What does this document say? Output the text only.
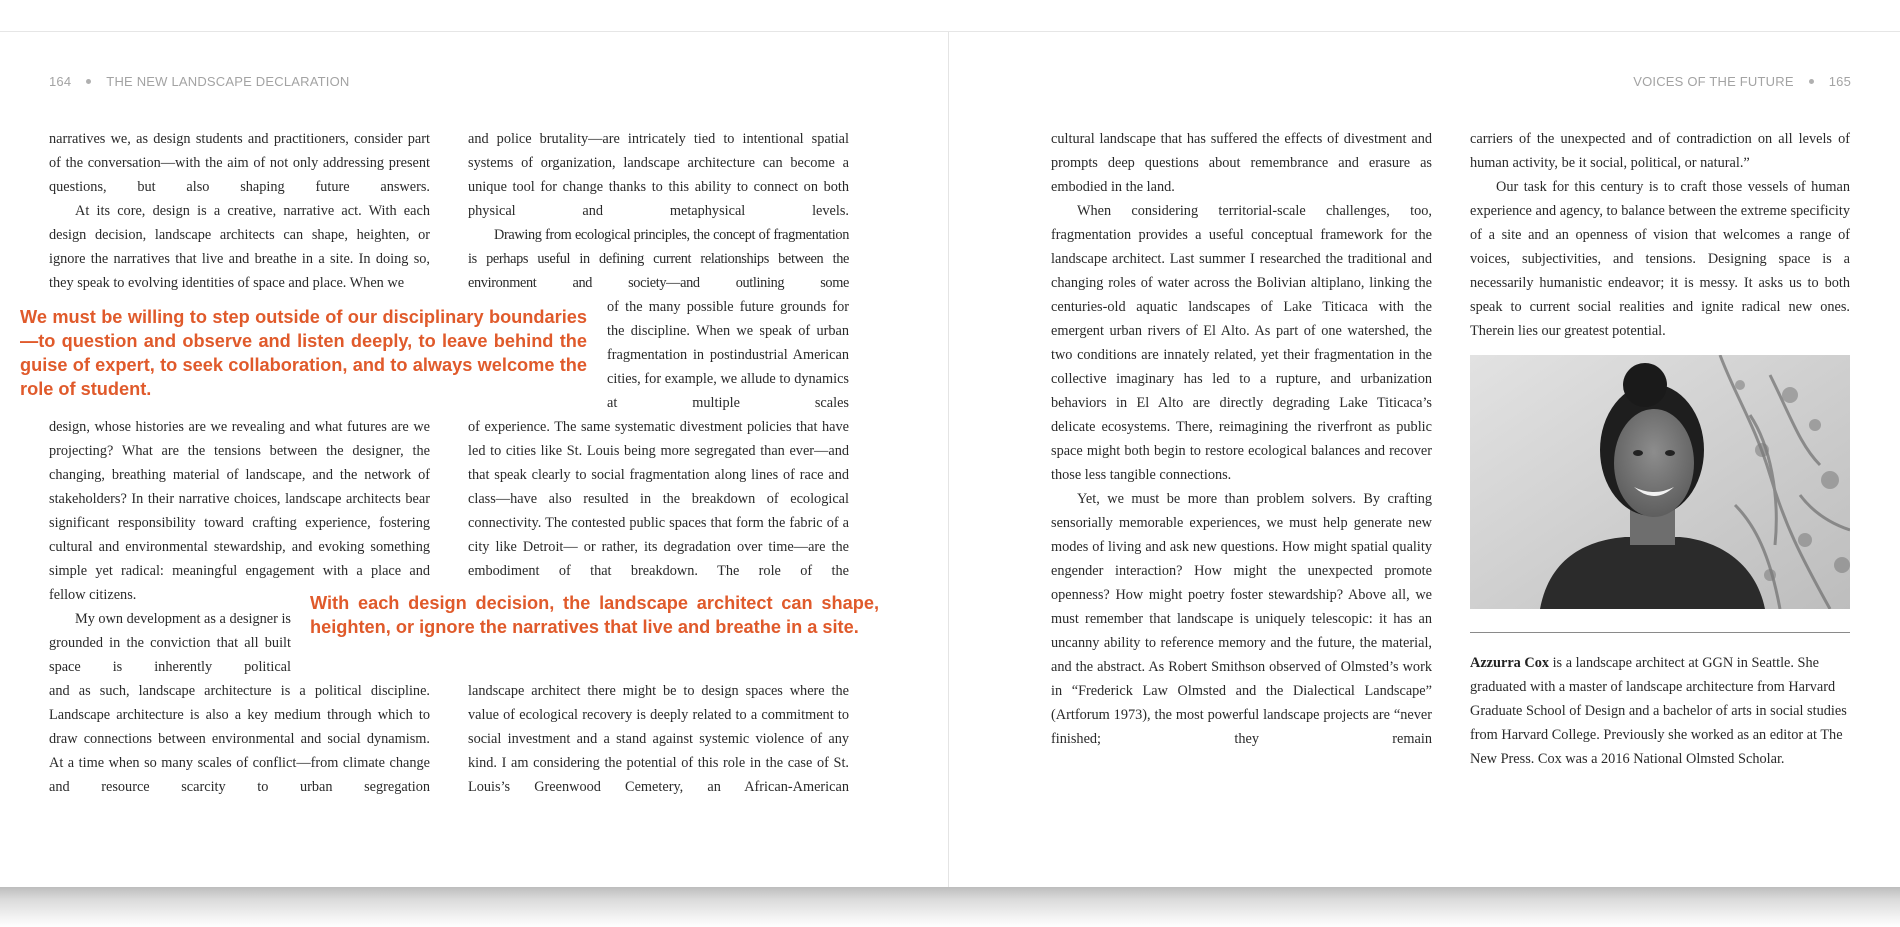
164	THE NEW LANDSCAPE DECLARATION

narratives we, as design students and practitioners, consider part of the conversation—with the aim of not only addressing present questions, but also shaping future answers.

At its core, design is a creative, narrative act. With each design decision, landscape architects can shape, heighten, or ignore the narratives that live and breathe in a site. In doing so, they speak to evolving identities of space and place. When we

We must be willing to step outside of our disciplinary boundaries—to question and observe and listen deeply, to leave behind the guise of expert, to seek collaboration, and to always welcome the role of student.

design, whose histories are we revealing and what futures are we projecting? What are the tensions between the designer, the changing, breathing material of landscape, and the network of stakeholders? In their narrative choices, landscape architects bear significant responsibility toward crafting experience, fostering cultural and environmental stewardship, and evoking something simple yet radical: meaningful engagement with a place and fellow citizens.

My own development as a designer is grounded in the conviction that all built space is inherently political

and as such, landscape architecture is a political discipline. Landscape architecture is also a key medium through which to draw connections between environmental and social dynamism. At a time when so many scales of conflict—from climate change and resource scarcity to urban segregation

and police brutality—are intricately tied to intentional spatial systems of organization, landscape architecture can become a unique tool for change thanks to this ability to connect on both physical and metaphysical levels.

Drawing from ecological principles, the concept of fragmentation is perhaps useful in defining current relationships between the environment and society—and outlining some

of the many possible future grounds for the discipline. When we speak of urban fragmentation in postindustrial American cities, for example, we allude to dynamics at multiple scales

of experience. The same systematic divestment policies that have led to cities like St. Louis being more segregated than ever—and that speak clearly to social fragmentation along lines of race and class—have also resulted in the breakdown of ecological connectivity. The contested public spaces that form the fabric of a city like Detroit— or rather, its degradation over time—are the embodiment of that breakdown. The role of the

With each design decision, the landscape architect can shape, heighten, or ignore the narratives that live and breathe in a site.

landscape architect there might be to design spaces where the value of ecological recovery is deeply related to a commitment to social investment and a stand against systemic violence of any kind. I am considering the potential of this role in the case of St. Louis’s Greenwood Cemetery, an African-American

VOICES OF THE FUTURE	165

cultural landscape that has suffered the effects of divestment and prompts deep questions about remembrance and erasure as embodied in the land.

When considering territorial-scale challenges, too, fragmentation provides a useful conceptual framework for the landscape architect. Last summer I researched the traditional and changing roles of water across the Bolivian altiplano, linking the centuries-old aquatic landscapes of Lake Titicaca with the emergent urban rivers of El Alto. As part of one watershed, the two conditions are innately related, yet their fragmentation in the collective imaginary has led to a rupture, and urbanization behaviors in El Alto are directly degrading Lake Titicaca’s delicate ecosystems. There, reimagining the riverfront as public space might both begin to restore ecological balances and recover those less tangible connections.

Yet, we must be more than problem solvers. By crafting sensorially memorable experiences, we must help generate new modes of living and ask new questions. How might spatial quality engender interaction? How might the unexpected promote openness? How might poetry foster stewardship? Above all, we must remember that landscape is uniquely telescopic: it has an uncanny ability to reference memory and the future, the material, and the abstract. As Robert Smithson observed of Olmsted’s work in “Frederick Law Olmsted and the Dialectical Landscape” (Artforum 1973), the most powerful landscape projects are “never finished; they remain

carriers of the unexpected and of contradiction on all levels of human activity, be it social, political, or natural.”

Our task for this century is to craft those vessels of human experience and agency, to balance between the extreme specificity of a site and an openness of vision that welcomes a range of voices, subjectivities, and tensions. Designing space is a necessarily humanistic endeavor; it is messy. It asks us to both speak to current social realities and ignite radical new ones. Therein lies our greatest potential.

Azzurra Cox is a landscape architect at GGN in Seattle. She graduated with a master of landscape architecture from Harvard Graduate School of Design and a bachelor of arts in social studies from Harvard College. Previously she worked as an editor at The New Press. Cox was a 2016 National Olmsted Scholar.
